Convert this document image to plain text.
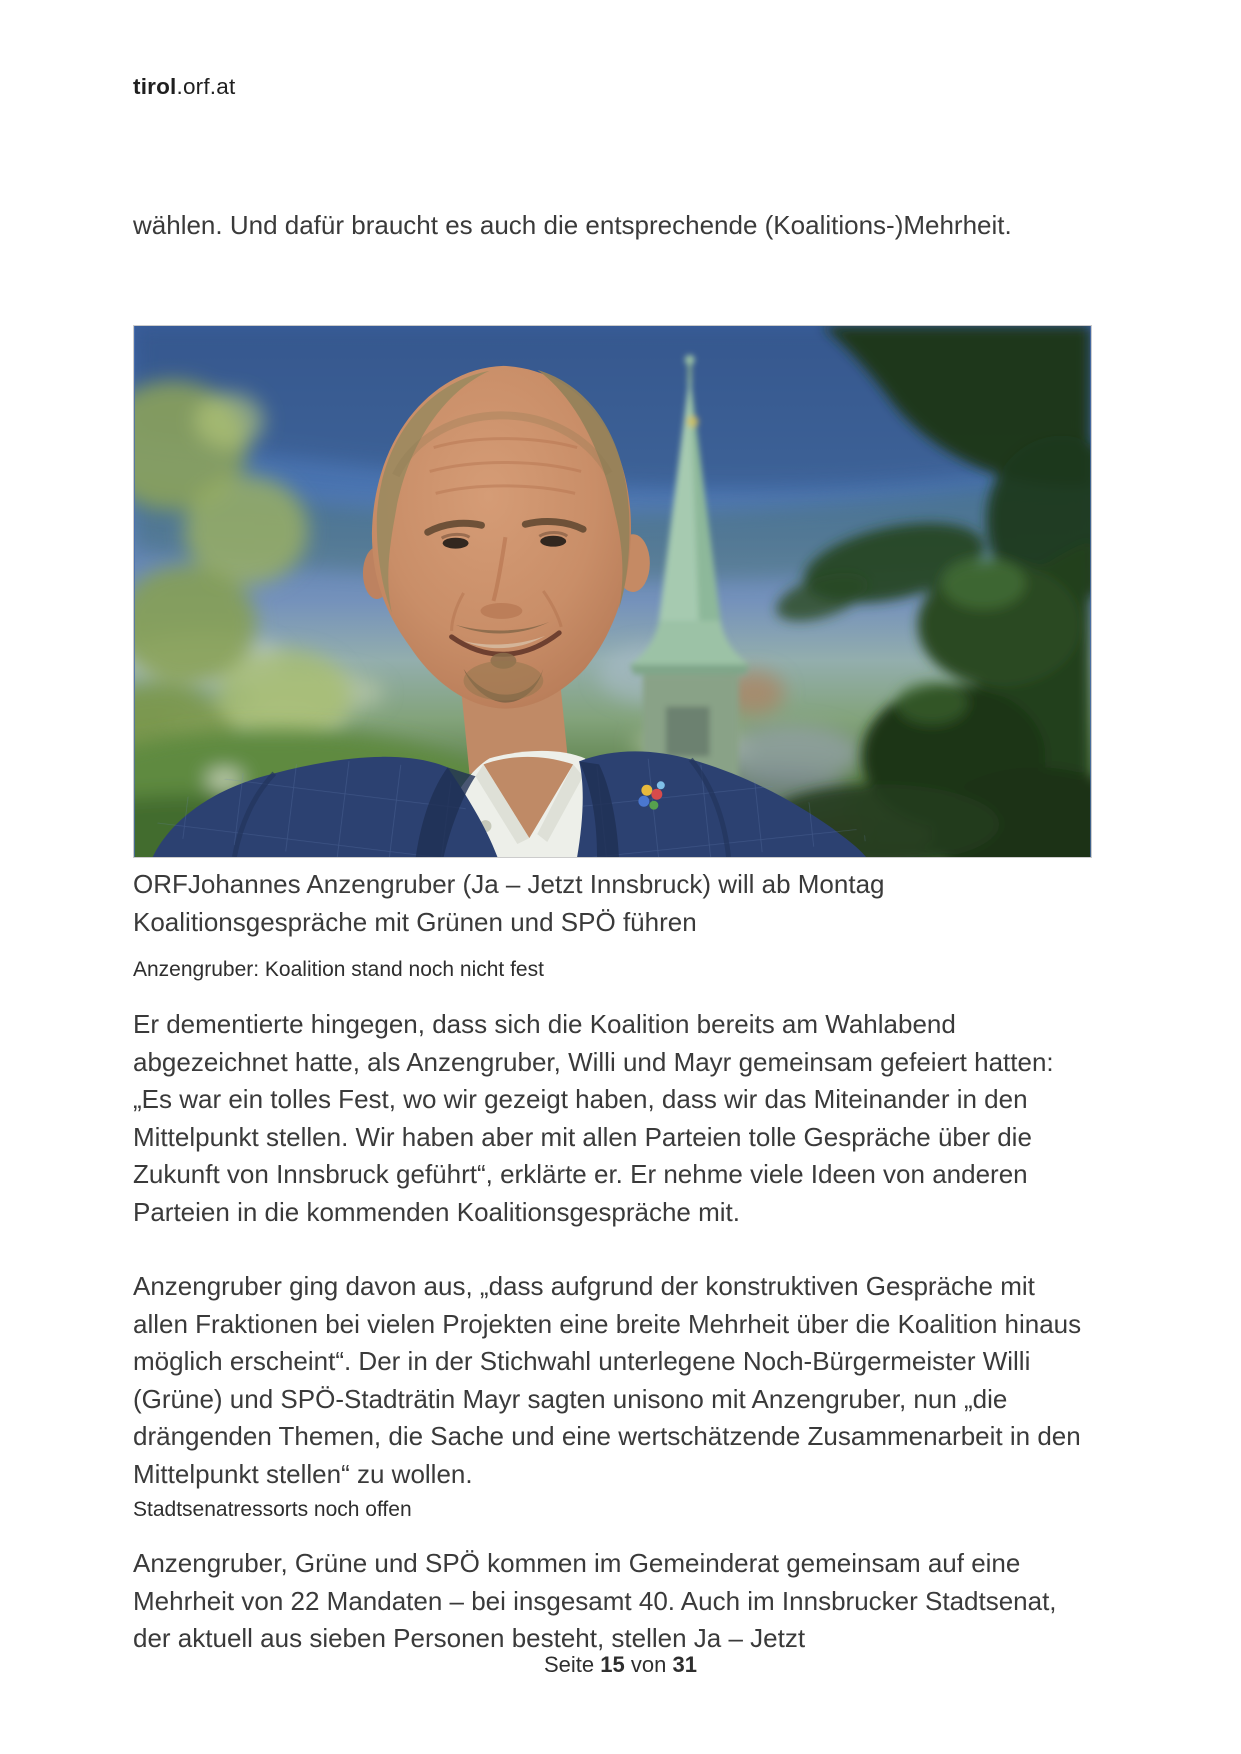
tirol.orf.at

wählen. Und dafür braucht es auch die entsprechende (Koalitions-)Mehrheit.

ORFJohannes Anzengruber (Ja – Jetzt Innsbruck) will ab Montag Koalitionsgespräche mit Grünen und SPÖ führen

Anzengruber: Koalition stand noch nicht fest

Er dementierte hingegen, dass sich die Koalition bereits am Wahlabend abgezeichnet hatte, als Anzengruber, Willi und Mayr gemeinsam gefeiert hatten: „Es war ein tolles Fest, wo wir gezeigt haben, dass wir das Miteinander in den Mittelpunkt stellen. Wir haben aber mit allen Parteien tolle Gespräche über die Zukunft von Innsbruck geführt“, erklärte er. Er nehme viele Ideen von anderen Parteien in die kommenden Koalitionsgespräche mit.

Anzengruber ging davon aus, „dass aufgrund der konstruktiven Gespräche mit allen Fraktionen bei vielen Projekten eine breite Mehrheit über die Koalition hinaus möglich erscheint“. Der in der Stichwahl unterlegene Noch-Bürgermeister Willi (Grüne) und SPÖ-Stadträtin Mayr sagten unisono mit Anzengruber, nun „die drängenden Themen, die Sache und eine wertschätzende Zusammenarbeit in den Mittelpunkt stellen“ zu wollen.

Stadtsenatressorts noch offen

Anzengruber, Grüne und SPÖ kommen im Gemeinderat gemeinsam auf eine Mehrheit von 22 Mandaten – bei insgesamt 40. Auch im Innsbrucker Stadtsenat, der aktuell aus sieben Personen besteht, stellen Ja – Jetzt

Seite 15 von 31
